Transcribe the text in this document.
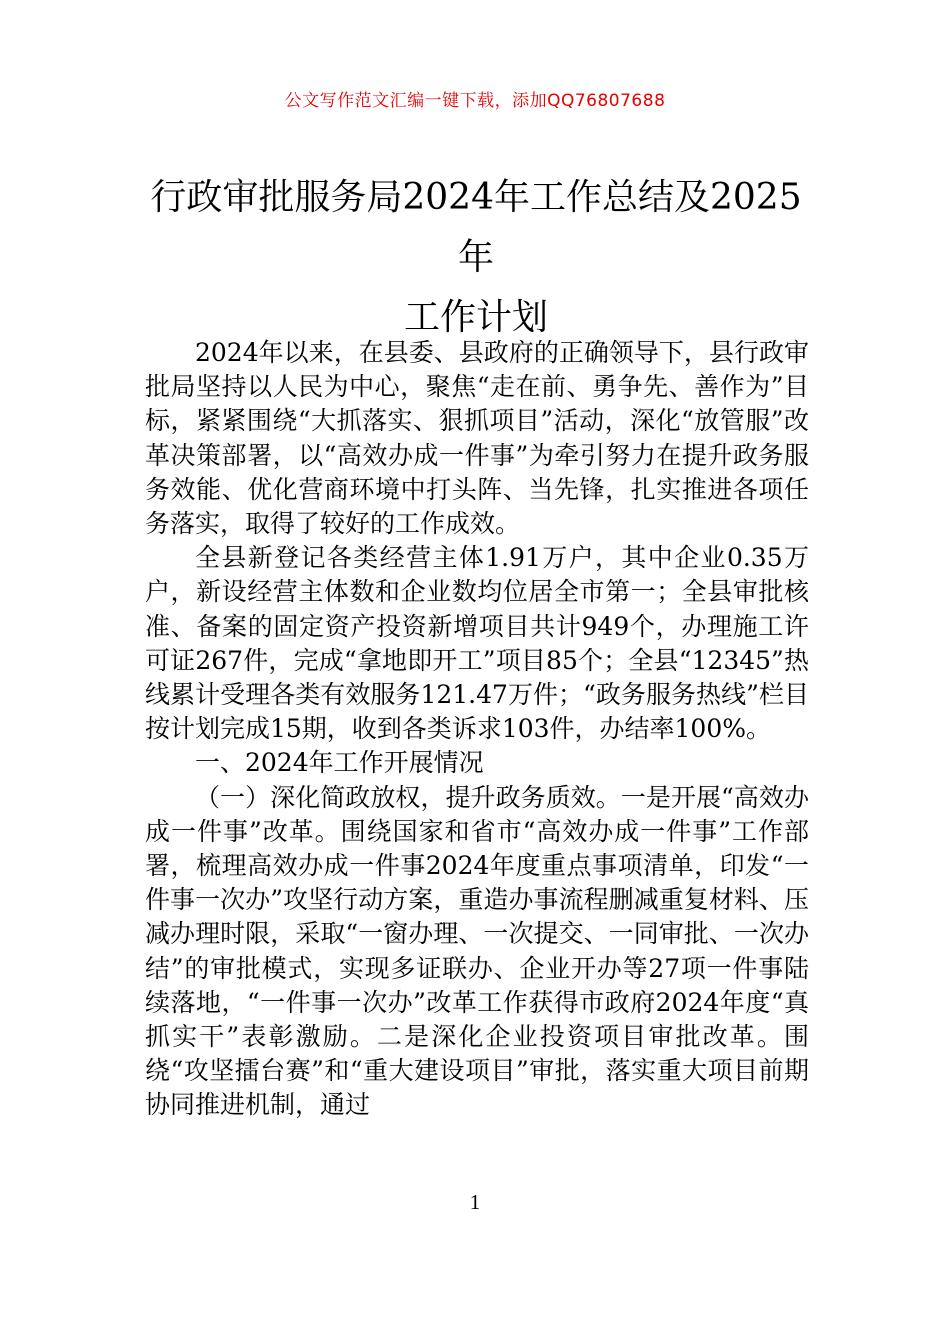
公文写作范文汇编一键下载，添加QQ76807688
行政审批服务局2024年工作总结及2025年
工作计划

2024年以来，在县委、县政府的正确领导下，县行政审批局坚持以人民为中心，聚焦“走在前、勇争先、善作为”目标，紧紧围绕“大抓落实、狠抓项目”活动，深化“放管服”改革决策部署，以“高效办成一件事”为牵引努力在提升政务服务效能、优化营商环境中打头阵、当先锋，扎实推进各项任务落实，取得了较好的工作成效。

全县新登记各类经营主体1.91万户，其中企业0.35万户，新设经营主体数和企业数均位居全市第一；全县审批核准、备案的固定资产投资新增项目共计949个，办理施工许可证267件，完成“拿地即开工”项目85个；全县“12345”热线累计受理各类有效服务121.47万件；“政务服务热线”栏目按计划完成15期，收到各类诉求103件，办结率100%。

一、2024年工作开展情况

（一）深化简政放权，提升政务质效。一是开展“高效办成一件事”改革。围绕国家和省市“高效办成一件事”工作部署，梳理高效办成一件事2024年度重点事项清单，印发“一件事一次办”攻坚行动方案，重造办事流程删减重复材料、压减办理时限，采取“一窗办理、一次提交、一同审批、一次办结”的审批模式，实现多证联办、企业开办等27项一件事陆续落地，“一件事一次办”改革工作获得市政府2024年度“真抓实干”表彰激励。二是深化企业投资项目审批改革。围绕“攻坚擂台赛”和“重大建设项目”审批，落实重大项目前期协同推进机制，通过

1
